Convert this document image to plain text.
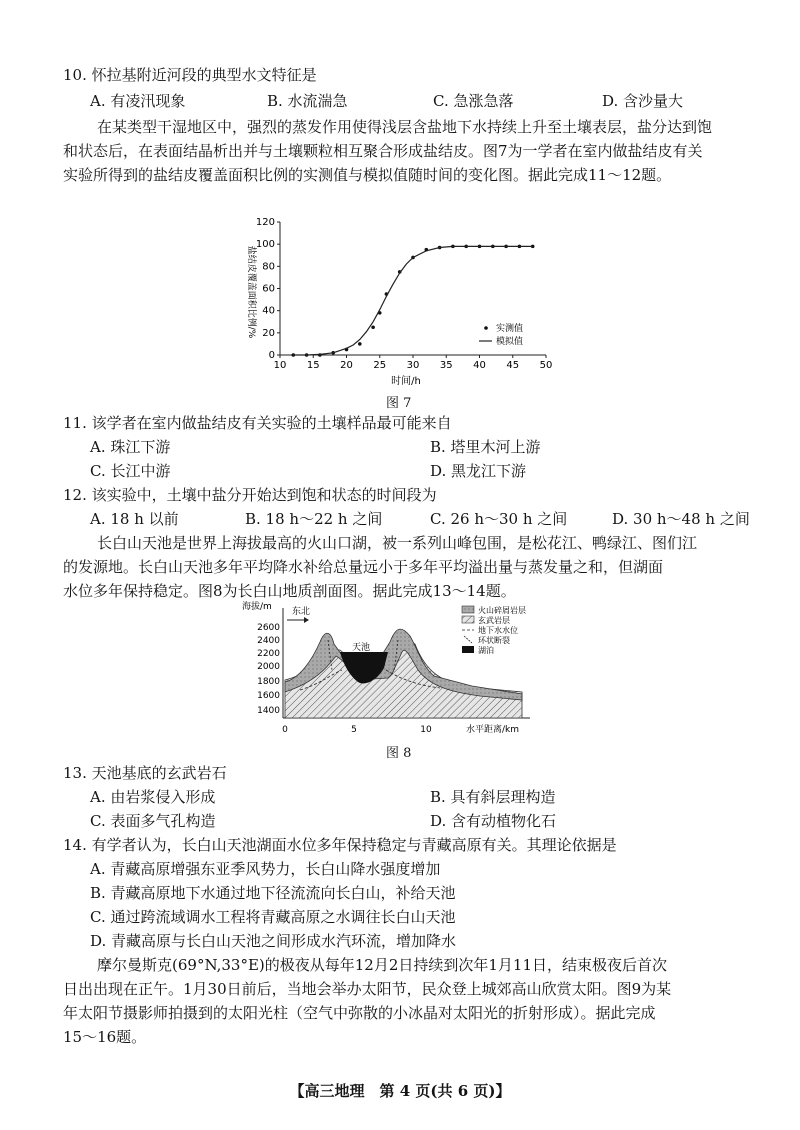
10. 怀拉基附近河段的典型水文特征是
A. 有凌汛现象	B. 水流湍急	C. 急涨急落	D. 含沙量大
在某类型干湿地区中，强烈的蒸发作用使得浅层含盐地下水持续上升至土壤表层，盐分达到饱
和状态后，在表面结晶析出并与土壤颗粒相互聚合形成盐结皮。图7为一学者在室内做盐结皮有关
实验所得到的盐结皮覆盖面积比例的实测值与模拟值随时间的变化图。据此完成11～12题。
10 15 20 25 30 35 40 45 50
0
20
40
60
80
100
120
实测值
模拟值
盐结皮覆盖面积比例/%
时间/h
图 7
11. 该学者在室内做盐结皮有关实验的土壤样品最可能来自
A. 珠江下游	B. 塔里木河上游
C. 长江中游	D. 黑龙江下游
12. 该实验中，土壤中盐分开始达到饱和状态的时间段为
A. 18 h 以前	B. 18 h～22 h 之间	C. 26 h～30 h 之间	D. 30 h～48 h 之间
长白山天池是世界上海拔最高的火山口湖，被一系列山峰包围，是松花江、鸭绿江、图们江
的发源地。长白山天池多年平均降水补给总量远小于多年平均溢出量与蒸发量之和，但湖面
水位多年保持稳定。图8为长白山地质剖面图。据此完成13～14题。
海拔/m
2600
2400
2200
2000
1800
1600
1400
0	5	10	水平距离/km
东北
天池
火山碎屑岩层
玄武岩层
地下水水位
环状断裂
湖泊
图 8
13. 天池基底的玄武岩石
A. 由岩浆侵入形成	B. 具有斜层理构造
C. 表面多气孔构造	D. 含有动植物化石
14. 有学者认为，长白山天池湖面水位多年保持稳定与青藏高原有关。其理论依据是
A. 青藏高原增强东亚季风势力，长白山降水强度增加
B. 青藏高原地下水通过地下径流流向长白山，补给天池
C. 通过跨流域调水工程将青藏高原之水调往长白山天池
D. 青藏高原与长白山天池之间形成水汽环流，增加降水
摩尔曼斯克(69°N,33°E)的极夜从每年12月2日持续到次年1月11日，结束极夜后首次
日出出现在正午。1月30日前后，当地会举办太阳节，民众登上城郊高山欣赏太阳。图9为某
年太阳节摄影师拍摄到的太阳光柱（空气中弥散的小冰晶对太阳光的折射形成）。据此完成
15～16题。
【高三地理　第 4 页(共 6 页)】
